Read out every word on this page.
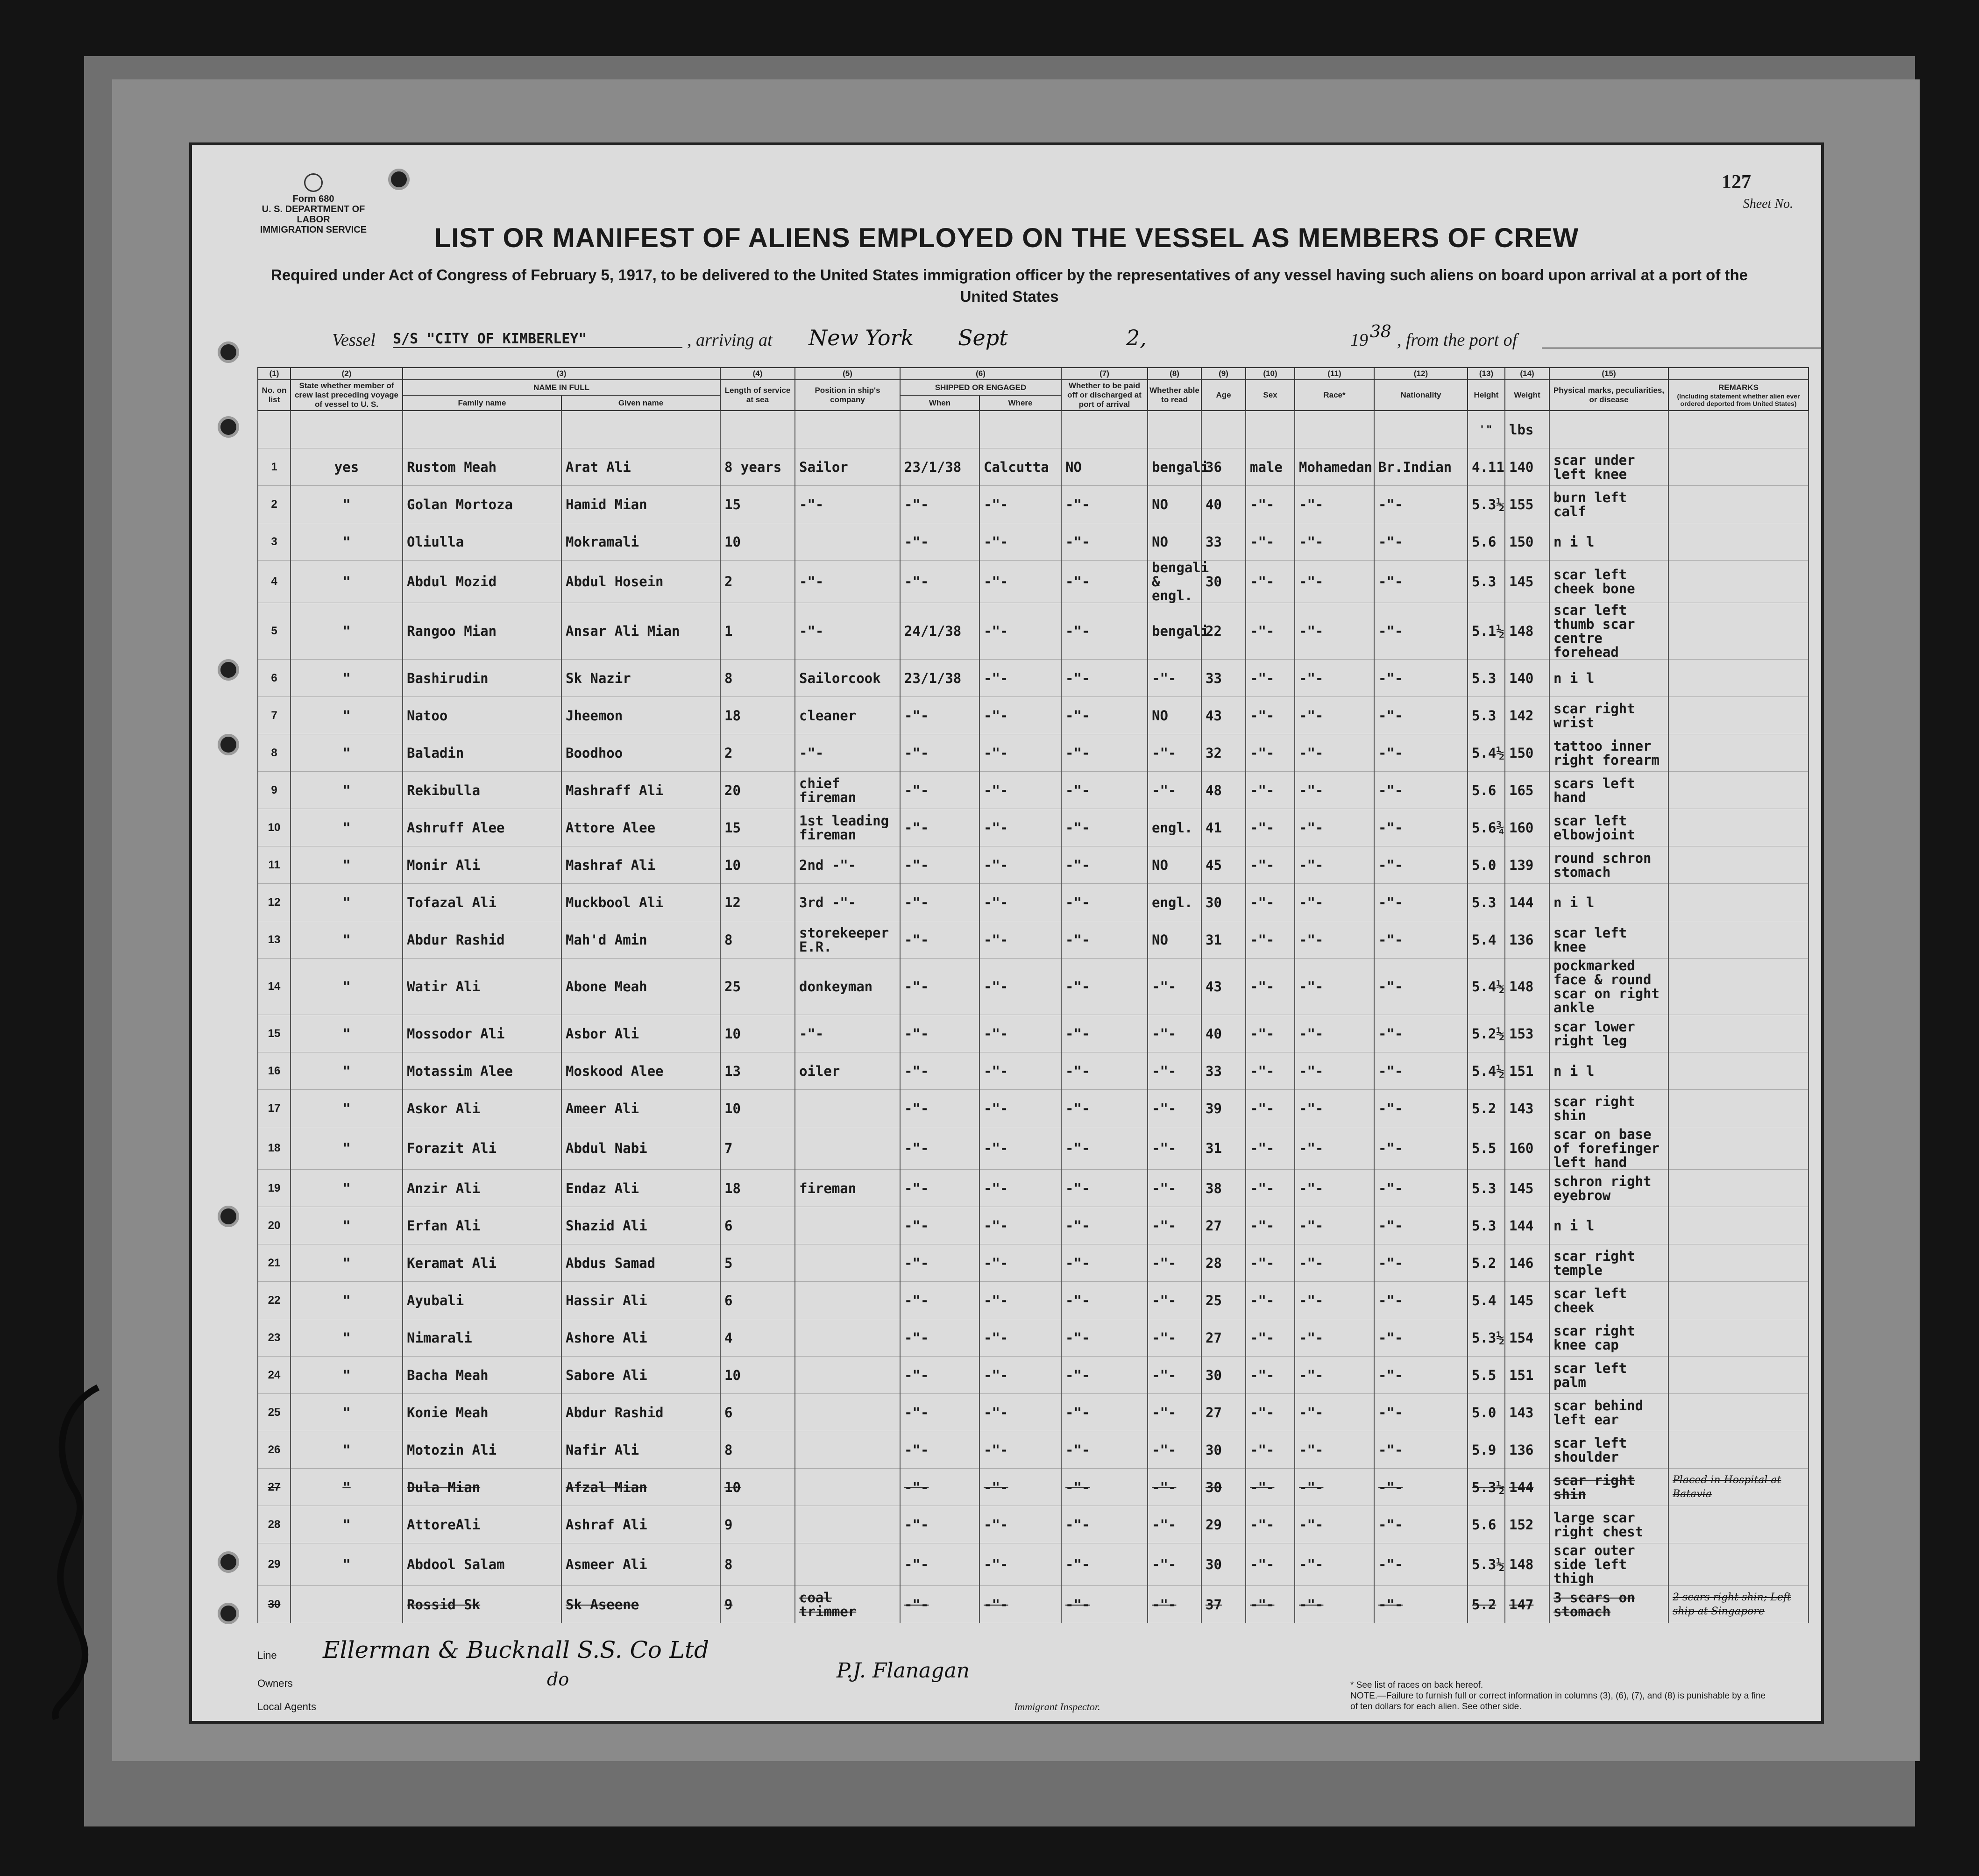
Form 680
U. S. DEPARTMENT OF LABOR
IMMIGRATION SERVICE
127
Sheet No.
LIST OR MANIFEST OF ALIENS EMPLOYED ON THE VESSEL AS MEMBERS OF CREW
Required under Act of Congress of February 5, 1917, to be delivered to the United States immigration officer by the representatives of any vessel having such aliens on board upon arrival at a port of the United States
Vessel S/S "CITY OF KIMBERLEY"	, arriving at New York Sept	2,	19 38 , from the port of
(1)	(2)	(3)		(4)	(5)	(6)		(7)	(8)	(9)	(10)	(11)	(12)	(13)	(14)	(15)	
No. on list	State whether member of crew last preceding voyage of vessel to U. S.	NAME IN FULL		Length of service at sea	Position in ship's company	SHIPPED OR ENGAGED		Whether to be paid off or discharged at port of arrival	Whether able to read	Age	Sex	Race*	Nationality	Height	Weight	Physical marks, peculiarities, or disease	REMARKS
(Including statement whether alien ever ordered deported from United States)

		Family name	Given name			When	Where										
														' "	lbs		
1	yes	Rustom Meah	Arat Ali	8 years	Sailor	23/1/38	Calcutta	NO	bengali	36	male	Mohamedan	Br.Indian	4.11	140	scar under left knee	
2	"	Golan Mortoza	Hamid Mian	15	-"-	-"-	-"-	-"-	NO	40	-"-	-"-	-"-	5.3½	155	burn left calf	
3	"	Oliulla	Mokramali	10		-"-	-"-	-"-	NO	33	-"-	-"-	-"-	5.6	150	n i l	
4	"	Abdul Mozid	Abdul Hosein	2	-"-	-"-	-"-	-"-	bengali & engl.	30	-"-	-"-	-"-	5.3	145	scar left cheek bone	
5	"	Rangoo Mian	Ansar Ali Mian	1	-"-	24/1/38	-"-	-"-	bengali	22	-"-	-"-	-"-	5.1½	148	scar left thumb scar centre forehead	
6	"	Bashirudin	Sk Nazir	8	Sailorcook	23/1/38	-"-	-"-	-"-	33	-"-	-"-	-"-	5.3	140	n i l	
7	"	Natoo	Jheemon	18	cleaner	-"-	-"-	-"-	NO	43	-"-	-"-	-"-	5.3	142	scar right wrist	
8	"	Baladin	Boodhoo	2	-"-	-"-	-"-	-"-	-"-	32	-"-	-"-	-"-	5.4½	150	tattoo inner right forearm	
9	"	Rekibulla	Mashraff Ali	20	chief fireman	-"-	-"-	-"-	-"-	48	-"-	-"-	-"-	5.6	165	scars left hand	
10	"	Ashruff Alee	Attore Alee	15	1st leading fireman	-"-	-"-	-"-	engl.	41	-"-	-"-	-"-	5.6¾	160	scar left elbowjoint	
11	"	Monir Ali	Mashraf Ali	10	2nd -"-	-"-	-"-	-"-	NO	45	-"-	-"-	-"-	5.0	139	round schron stomach	
12	"	Tofazal Ali	Muckbool Ali	12	3rd -"-	-"-	-"-	-"-	engl.	30	-"-	-"-	-"-	5.3	144	n i l	
13	"	Abdur Rashid	Mah'd Amin	8	storekeeper E.R.	-"-	-"-	-"-	NO	31	-"-	-"-	-"-	5.4	136	scar left knee	
14	"	Watir Ali	Abone Meah	25	donkeyman	-"-	-"-	-"-	-"-	43	-"-	-"-	-"-	5.4½	148	pockmarked face & round scar on right ankle	
15	"	Mossodor Ali	Asbor Ali	10	-"-	-"-	-"-	-"-	-"-	40	-"-	-"-	-"-	5.2½	153	scar lower right leg	
16	"	Motassim Alee	Moskood Alee	13	oiler	-"-	-"-	-"-	-"-	33	-"-	-"-	-"-	5.4½	151	n i l	
17	"	Askor Ali	Ameer Ali	10		-"-	-"-	-"-	-"-	39	-"-	-"-	-"-	5.2	143	scar right shin	
18	"	Forazit Ali	Abdul Nabi	7		-"-	-"-	-"-	-"-	31	-"-	-"-	-"-	5.5	160	scar on base of forefinger left hand	
19	"	Anzir Ali	Endaz Ali	18	fireman	-"-	-"-	-"-	-"-	38	-"-	-"-	-"-	5.3	145	schron right eyebrow	
20	"	Erfan Ali	Shazid Ali	6		-"-	-"-	-"-	-"-	27	-"-	-"-	-"-	5.3	144	n i l	
21	"	Keramat Ali	Abdus Samad	5		-"-	-"-	-"-	-"-	28	-"-	-"-	-"-	5.2	146	scar right temple	
22	"	Ayubali	Hassir Ali	6		-"-	-"-	-"-	-"-	25	-"-	-"-	-"-	5.4	145	scar left cheek	
23	"	Nimarali	Ashore Ali	4		-"-	-"-	-"-	-"-	27	-"-	-"-	-"-	5.3½	154	scar right knee cap	
24	"	Bacha Meah	Sabore Ali	10		-"-	-"-	-"-	-"-	30	-"-	-"-	-"-	5.5	151	scar left palm	
25	"	Konie Meah	Abdur Rashid	6		-"-	-"-	-"-	-"-	27	-"-	-"-	-"-	5.0	143	scar behind left ear	
26	"	Motozin Ali	Nafir Ali	8		-"-	-"-	-"-	-"-	30	-"-	-"-	-"-	5.9	136	scar left shoulder	
27	"	Dula Mian	Afzal Mian	10		-"-	-"-	-"-	-"-	30	-"-	-"-	-"-	5.3½	144	scar right shin	Placed in Hospital at Batavia
28	"	AttoreAli	Ashraf Ali	9		-"-	-"-	-"-	-"-	29	-"-	-"-	-"-	5.6	152	large scar right chest	
29	"	Abdool Salam	Asmeer Ali	8		-"-	-"-	-"-	-"-	30	-"-	-"-	-"-	5.3½	148	scar outer side left thigh	
30		Rossid Sk	Sk Aseene	9	coal trimmer	-"-	-"-	-"-	-"-	37	-"-	-"-	-"-	5.2	147	3 scars on stomach	2 scars right shin; Left ship at Singapore
Line Ellerman & Bucknall S.S. Co Ltd
Owners	do
Local Agents
P.J. Flanagan
Immigrant Inspector.
* See list of races on back hereof.
NOTE.—Failure to furnish full or correct information in columns (3), (6), (7), and (8) is punishable by a fine of ten dollars for each alien. See other side.
